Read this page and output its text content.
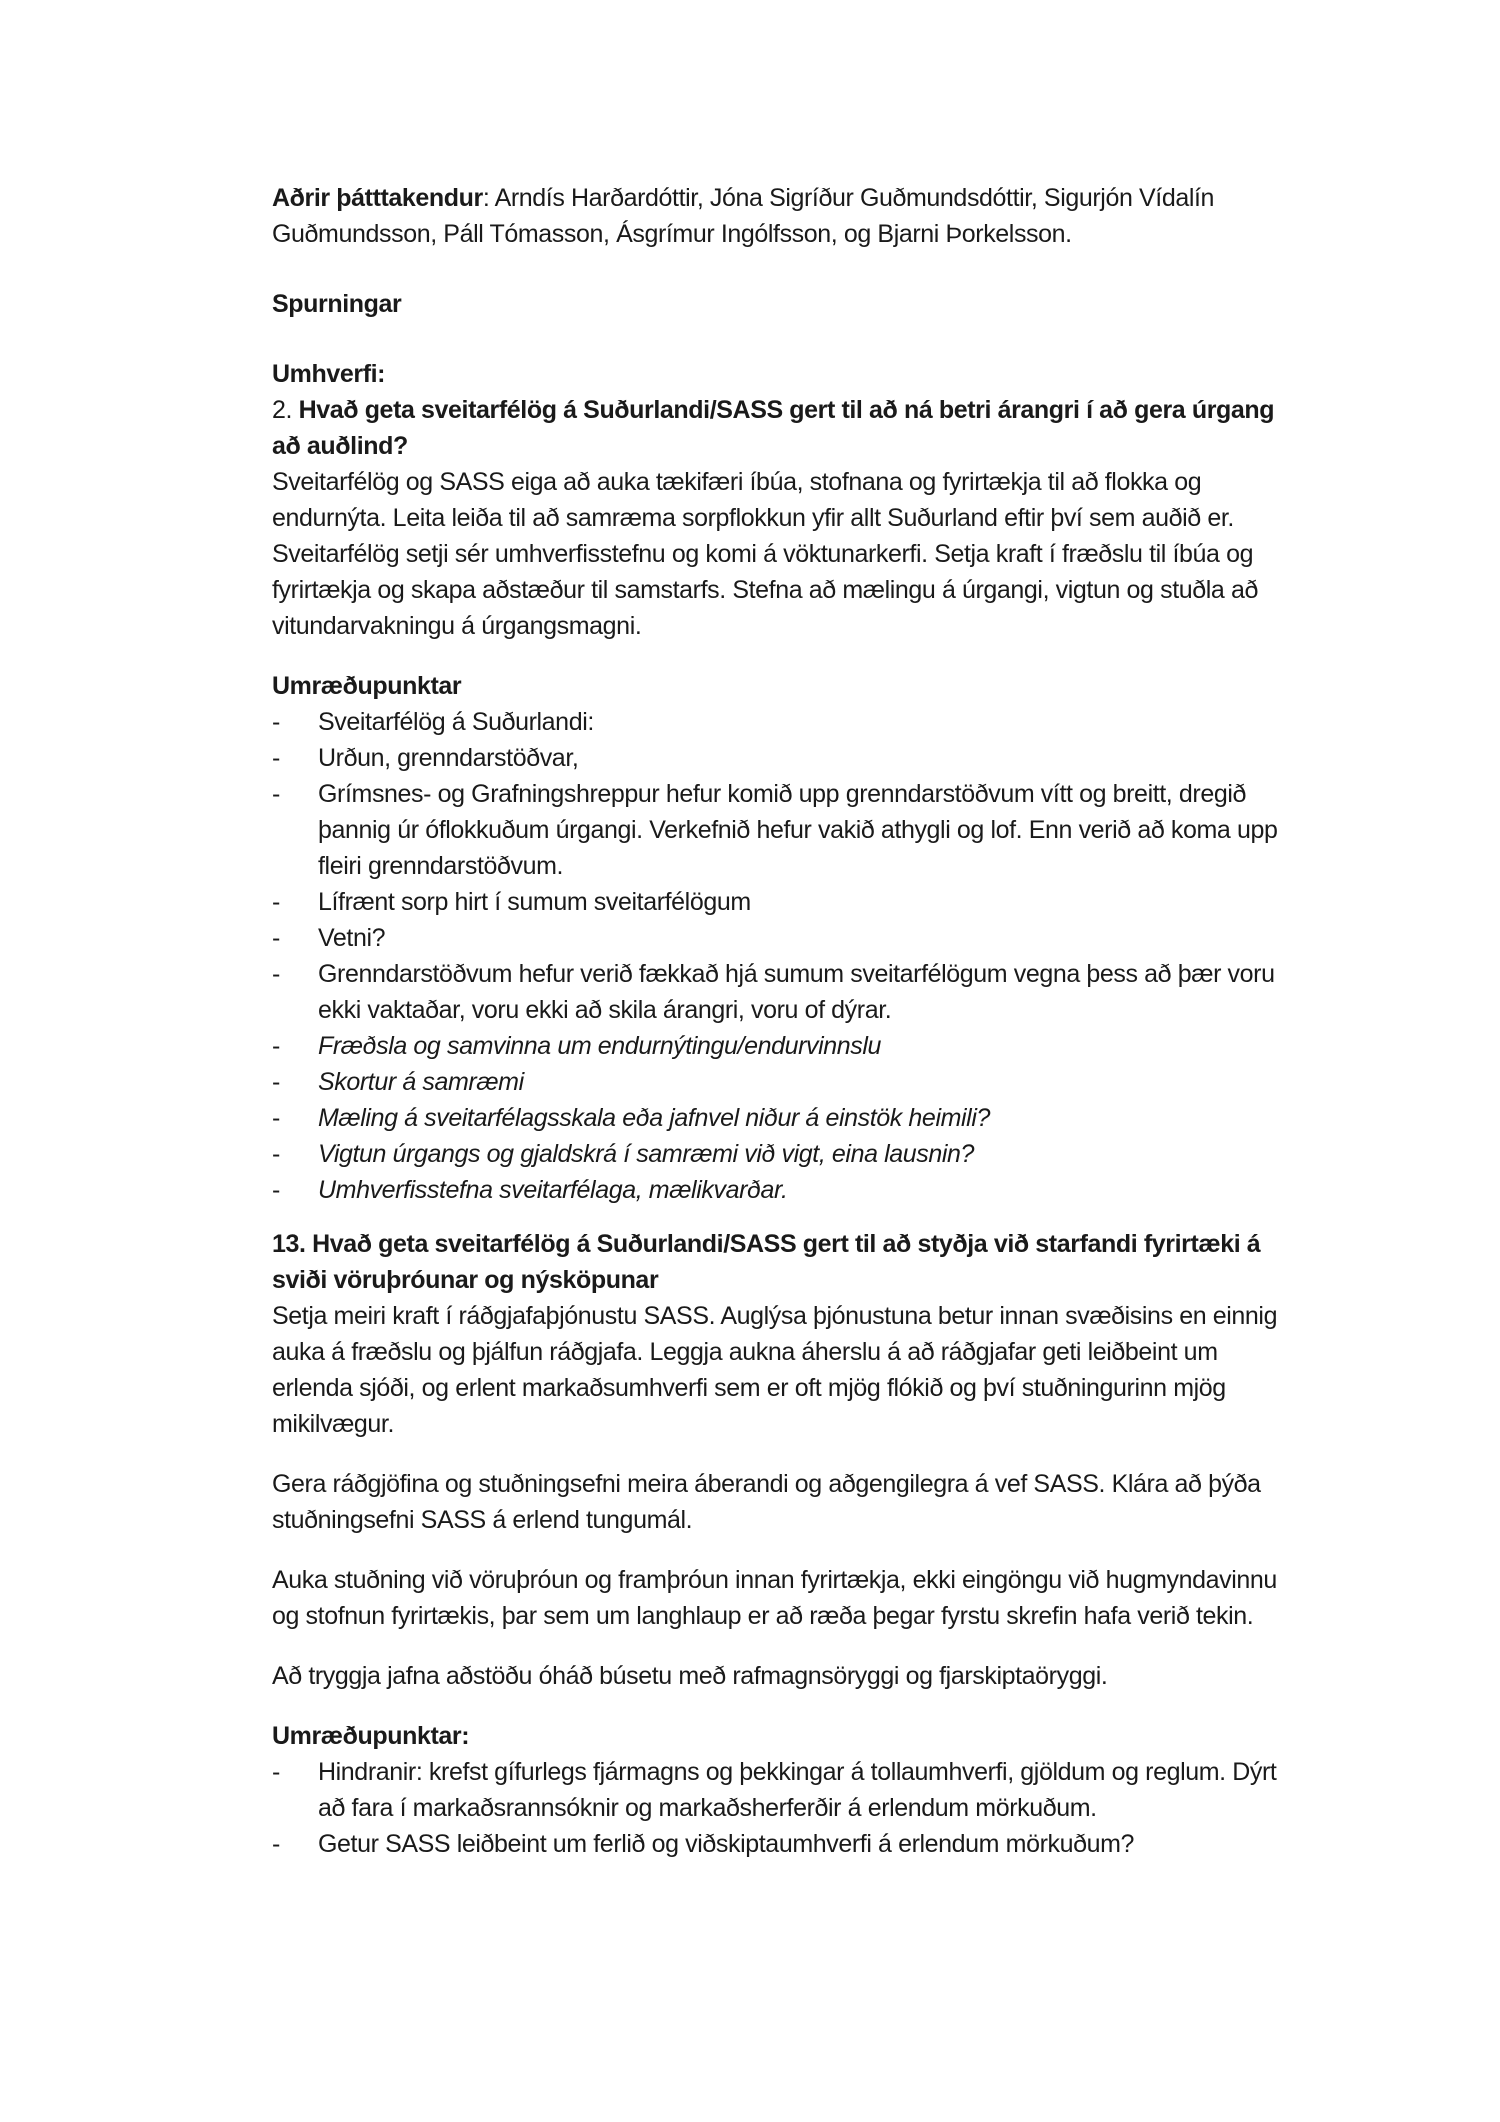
Aðrir þátttakendur: Arndís Harðardóttir, Jóna Sigríður Guðmundsdóttir, Sigurjón Vídalín Guðmundsson, Páll Tómasson, Ásgrímur Ingólfsson, og Bjarni Þorkelsson.

Spurningar

Umhverfi:

2. Hvað geta sveitarfélög á Suðurlandi/SASS gert til að ná betri árangri í að gera úrgang að auðlind?

Sveitarfélög og SASS eiga að auka tækifæri íbúa, stofnana og fyrirtækja til að flokka og endurnýta. Leita leiða til að samræma sorpflokkun yfir allt Suðurland eftir því sem auðið er. Sveitarfélög setji sér umhverfisstefnu og komi á vöktunarkerfi. Setja kraft í fræðslu til íbúa og fyrirtækja og skapa aðstæður til samstarfs. Stefna að mælingu á úrgangi, vigtun og stuðla að vitundarvakningu á úrgangsmagni.

Umræðupunktar

- Sveitarfélög á Suðurlandi:
- Urðun, grenndarstöðvar,
- Grímsnes- og Grafningshreppur hefur komið upp grenndarstöðvum vítt og breitt, dregið þannig úr óflokkuðum úrgangi. Verkefnið hefur vakið athygli og lof. Enn verið að koma upp fleiri grenndarstöðvum.
- Lífrænt sorp hirt í sumum sveitarfélögum
- Vetni?
- Grenndarstöðvum hefur verið fækkað hjá sumum sveitarfélögum vegna þess að þær voru ekki vaktaðar, voru ekki að skila árangri, voru of dýrar.
- Fræðsla og samvinna um endurnýtingu/endurvinnslu
- Skortur á samræmi
- Mæling á sveitarfélagsskala eða jafnvel niður á einstök heimili?
- Vigtun úrgangs og gjaldskrá í samræmi við vigt, eina lausnin?
- Umhverfisstefna sveitarfélaga, mælikvarðar.

13. Hvað geta sveitarfélög á Suðurlandi/SASS gert til að styðja við starfandi fyrirtæki á sviði vöruþróunar og nýsköpunar

Setja meiri kraft í ráðgjafaþjónustu SASS. Auglýsa þjónustuna betur innan svæðisins en einnig auka á fræðslu og þjálfun ráðgjafa. Leggja aukna áherslu á að ráðgjafar geti leiðbeint um erlenda sjóði, og erlent markaðsumhverfi sem er oft mjög flókið og því stuðningurinn mjög mikilvægur.

Gera ráðgjöfina og stuðningsefni meira áberandi og aðgengilegra á vef SASS. Klára að þýða stuðningsefni SASS á erlend tungumál.

Auka stuðning við vöruþróun og framþróun innan fyrirtækja, ekki eingöngu við hugmyndavinnu og stofnun fyrirtækis, þar sem um langhlaup er að ræða þegar fyrstu skrefin hafa verið tekin.

Að tryggja jafna aðstöðu óháð búsetu með rafmagnsöryggi og fjarskiptaöryggi.

Umræðupunktar:

- Hindranir: krefst gífurlegs fjármagns og þekkingar á tollaumhverfi, gjöldum og reglum. Dýrt að fara í markaðsrannsóknir og markaðsherferðir á erlendum mörkuðum.
- Getur SASS leiðbeint um ferlið og viðskiptaumhverfi á erlendum mörkuðum?
